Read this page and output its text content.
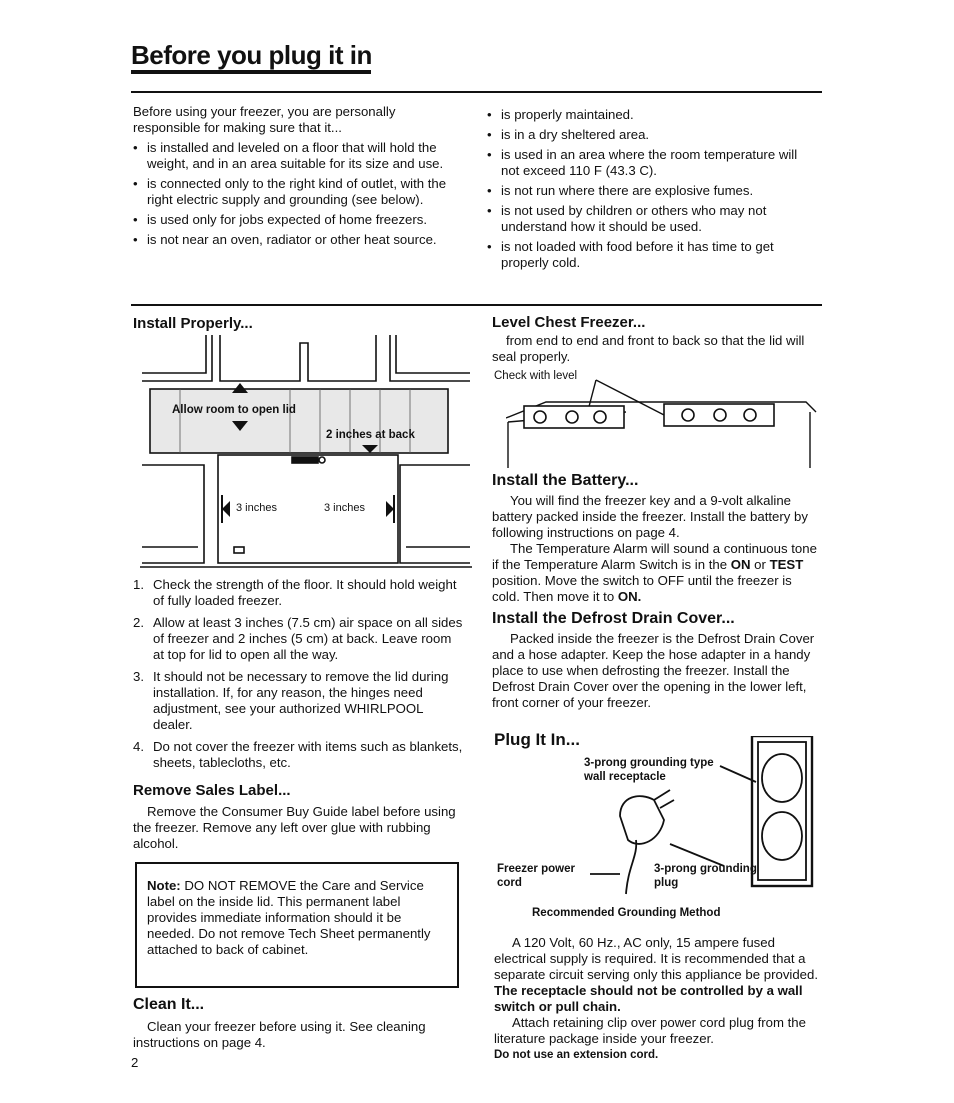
Before you plug it in

Before using your freezer, you are personally responsible for making sure that it...

• is installed and leveled on a floor that will hold the weight, and in an area suitable for its size and use.
• is connected only to the right kind of outlet, with the right electric supply and grounding (see below).
• is used only for jobs expected of home freezers.
• is not near an oven, radiator or other heat source.
• is properly maintained.
• is in a dry sheltered area.
• is used in an area where the room temperature will not exceed 110 F (43.3 C).
• is not run where there are explosive fumes.
• is not used by children or others who may not understand how it should be used.
• is not loaded with food before it has time to get properly cold.
Install Properly...
Allow room to open lid
2 inches at back
3 inches	3 inches
1. Check the strength of the floor. It should hold weight of fully loaded freezer.
2. Allow at least 3 inches (7.5 cm) air space on all sides of freezer and 2 inches (5 cm) at back. Leave room at top for lid to open all the way.
3. It should not be necessary to remove the lid during installation. If, for any reason, the hinges need adjustment, see your authorized WHIRLPOOL dealer.
4. Do not cover the freezer with items such as blankets, sheets, tablecloths, etc.
Remove Sales Label...

Remove the Consumer Buy Guide label before using the freezer. Remove any left over glue with rubbing alcohol.

Note: DO NOT REMOVE the Care and Service label on the inside lid. This permanent label provides immediate information should it be needed. Do not remove Tech Sheet permanently attached to back of cabinet.

Clean It...

Clean your freezer before using it. See cleaning instructions on page 4.

2
Level Chest Freezer...

from end to end and front to back so that the lid will seal properly.

Check with level
Install the Battery...

You will find the freezer key and a 9-volt alkaline battery packed inside the freezer. Install the battery by following instructions on page 4.

The Temperature Alarm will sound a continuous tone if the Temperature Alarm Switch is in the ON or TEST position. Move the switch to OFF until the freezer is cold. Then move it to ON.

Install the Defrost Drain Cover...

Packed inside the freezer is the Defrost Drain Cover and a hose adapter. Keep the hose adapter in a handy place to use when defrosting the freezer. Install the Defrost Drain Cover over the opening in the lower left, front corner of your freezer.

Plug It In...
3-prong grounding type wall receptacle
Freezer power cord
3-prong grounding plug
Recommended Grounding Method

A 120 Volt, 60 Hz., AC only, 15 ampere fused electrical supply is required. It is recommended that a separate circuit serving only this appliance be provided. The receptacle should not be controlled by a wall switch or pull chain.

Attach retaining clip over power cord plug from the literature package inside your freezer.

Do not use an extension cord.
